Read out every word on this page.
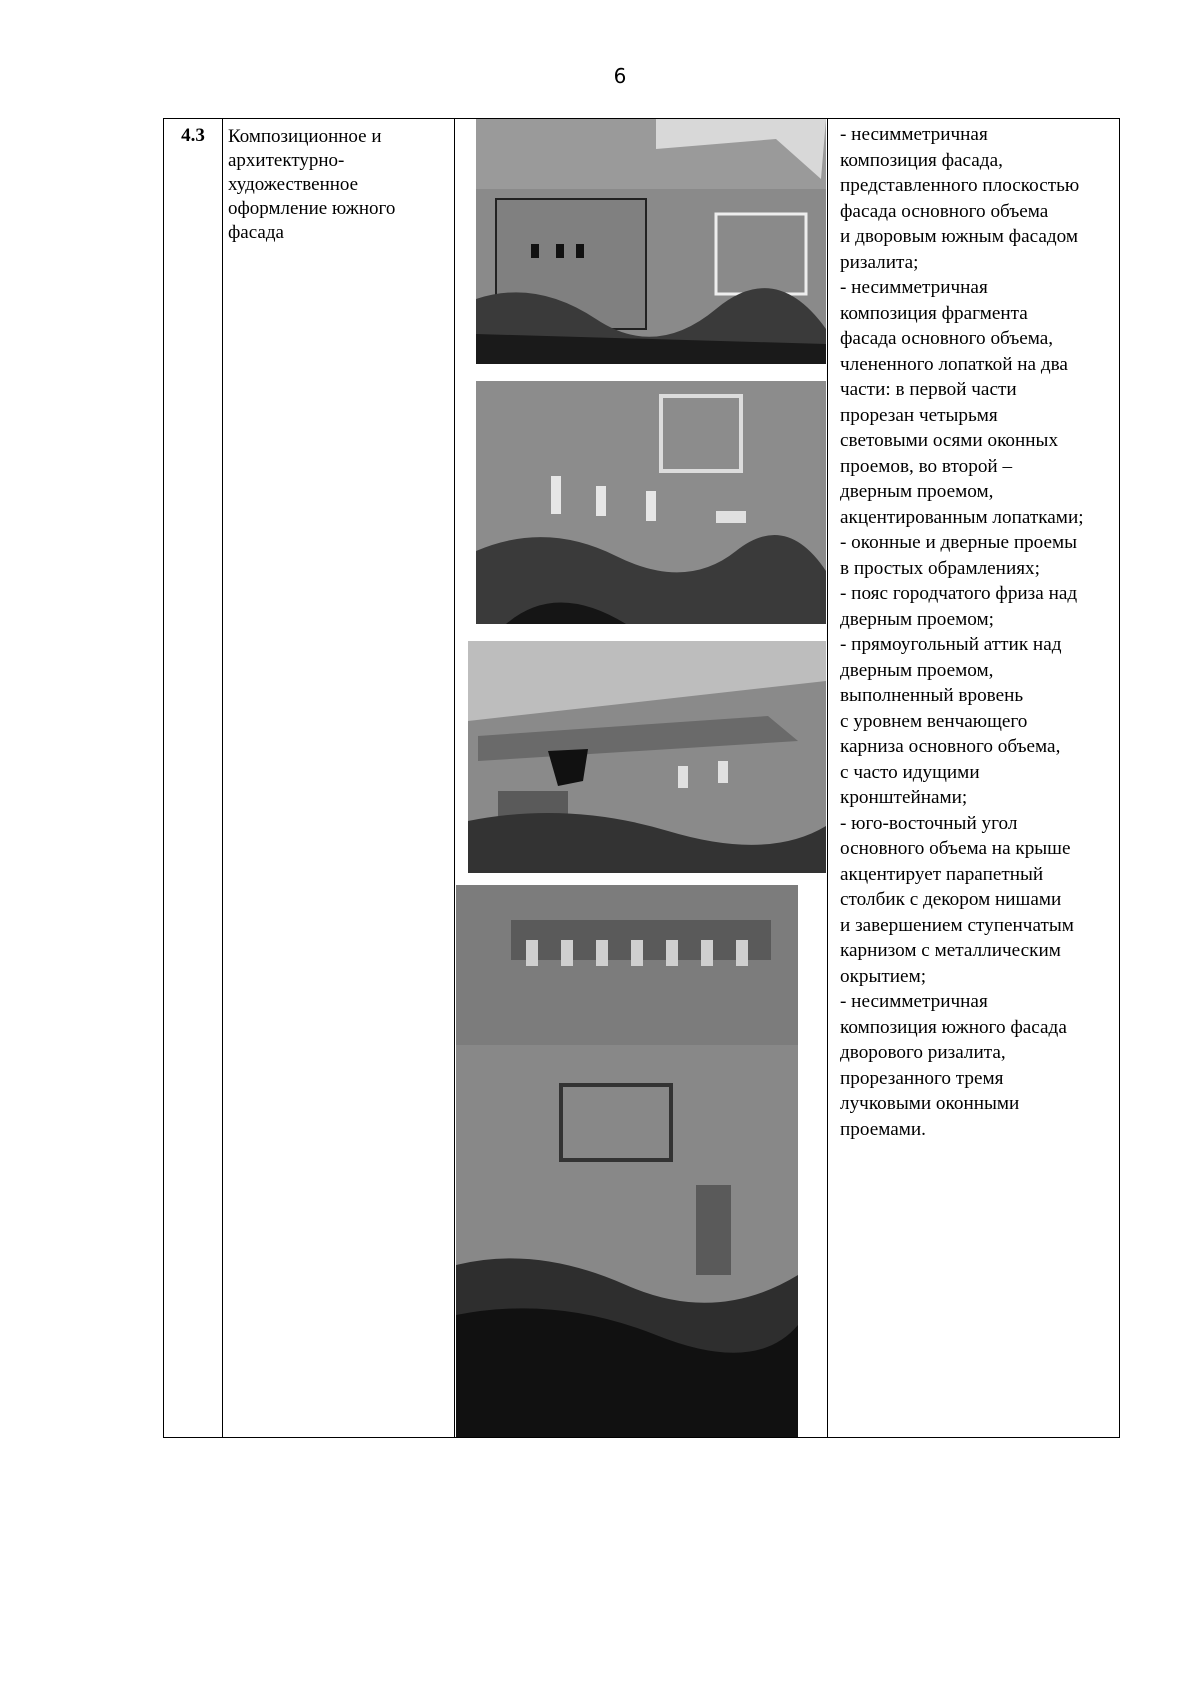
6
4.3	Композиционное и
архитектурно-
художественное
оформление южного
фасада
- несимметричная
композиция фасада,
представленного плоскостью
фасада основного объема
и дворовым южным фасадом
ризалита;
- несимметричная
композиция фрагмента
фасада основного объема,
члененного лопаткой на два
части: в первой части
прорезан четырьмя
световыми осями оконных
проемов, во второй –
дверным проемом,
акцентированным лопатками;
- оконные и дверные проемы
в простых обрамлениях;
- пояс городчатого фриза над
дверным проемом;
- прямоугольный аттик над
дверным проемом,
выполненный вровень
с уровнем венчающего
карниза основного объема,
с часто идущими
кронштейнами;
- юго-восточный угол
основного объема на крыше
акцентирует парапетный
столбик с декором нишами
и завершением ступенчатым
карнизом с металлическим
окрытием;
- несимметричная
композиция южного фасада
дворового ризалита,
прорезанного тремя
лучковыми оконными
проемами.
